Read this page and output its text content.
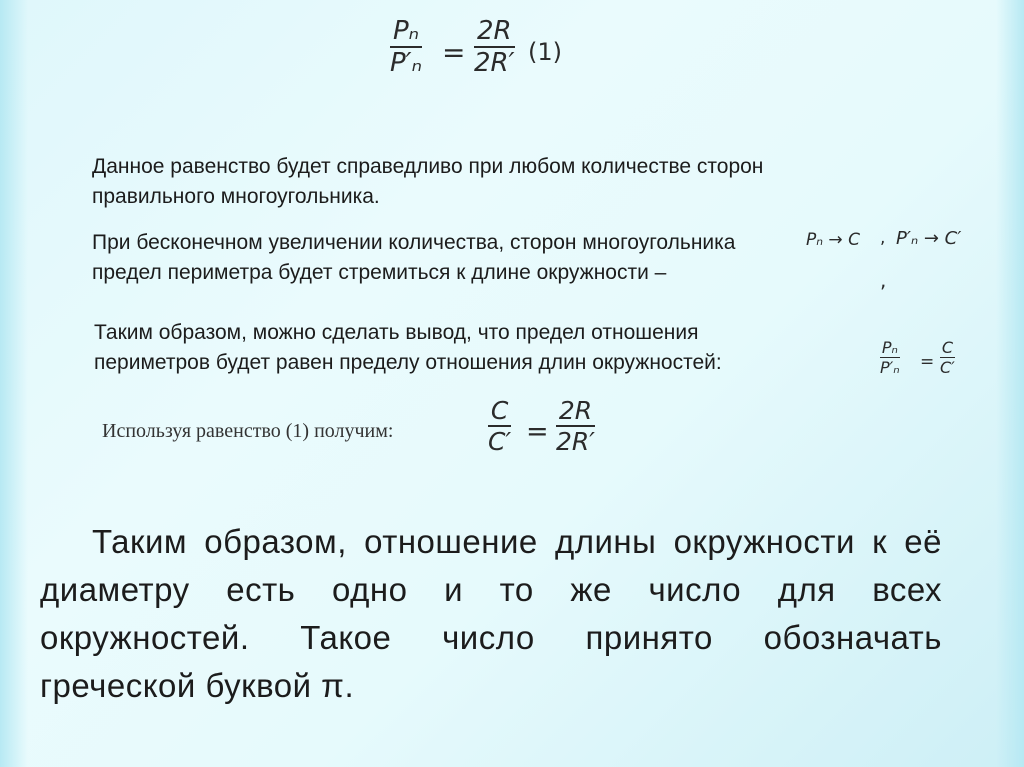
Pₙ
P′ₙ =
2R
2R′ (1)
Данное равенство будет справедливо при любом количестве сторон
правильного многоугольника.
При бесконечном увеличении количества, сторон многоугольника
предел периметра будет стремиться к длине окружности –
Pₙ → C , P′ₙ → C′
,
Таким образом, можно сделать вывод, что предел отношения
периметров будет равен пределу отношения длин окружностей:
Pₙ
P′ₙ =
C
C′
Используя равенство (1) получим:
C
C′ =
2R
2R′
Таким образом, отношение длины окружности к её диаметру есть одно и то же число для всех окружностей. Такое число принято обозначать греческой буквой π.
